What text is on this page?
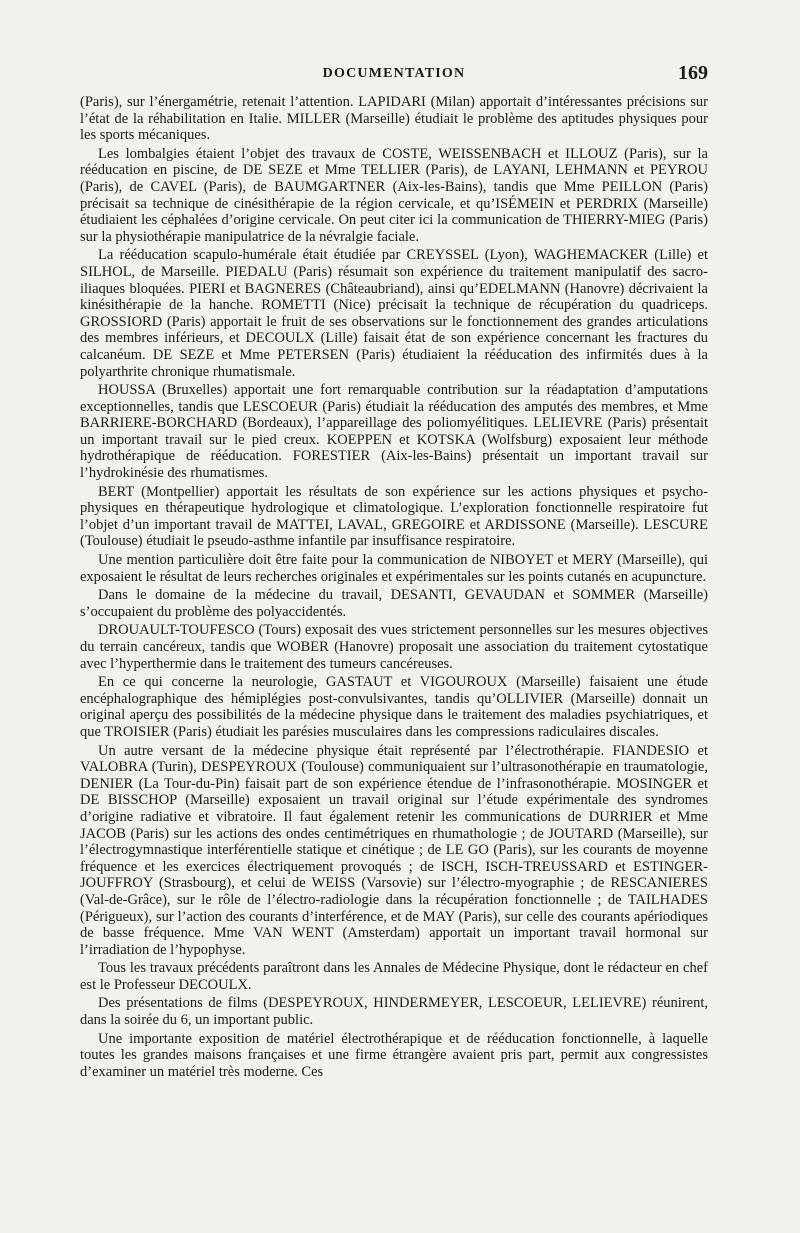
DOCUMENTATION	169

(Paris), sur l’énergamétrie, retenait l’attention. LAPIDARI (Milan) apportait d’intéressantes précisions sur l’état de la réhabilitation en Italie. MILLER (Marseille) étudiait le problème des aptitudes physiques pour les sports mécaniques.

Les lombalgies étaient l’objet des travaux de COSTE, WEISSENBACH et ILLOUZ (Paris), sur la rééducation en piscine, de DE SEZE et Mme TELLIER (Paris), de LAYANI, LEHMANN et PEYROU (Paris), de CAVEL (Paris), de BAUMGARTNER (Aix-les-Bains), tandis que Mme PEILLON (Paris) précisait sa technique de cinésithérapie de la région cervicale, et qu’ISÉMEIN et PERDRIX (Marseille) étudiaient les céphalées d’origine cervicale. On peut citer ici la communication de THIERRY-MIEG (Paris) sur la physiothérapie manipulatrice de la névralgie faciale.

La rééducation scapulo-humérale était étudiée par CREYSSEL (Lyon), WAGHEMACKER (Lille) et SILHOL, de Marseille. PIEDALU (Paris) résumait son expérience du traitement manipulatif des sacro-iliaques bloquées. PIERI et BAGNERES (Châteaubriand), ainsi qu’EDELMANN (Hanovre) décrivaient la kinésithérapie de la hanche. ROMETTI (Nice) précisait la technique de récupération du quadriceps. GROSSIORD (Paris) apportait le fruit de ses observations sur le fonctionnement des grandes articulations des membres inférieurs, et DECOULX (Lille) faisait état de son expérience concernant les fractures du calcanéum. DE SEZE et Mme PETERSEN (Paris) étudiaient la rééducation des infirmités dues à la polyarthrite chronique rhumatismale.

HOUSSA (Bruxelles) apportait une fort remarquable contribution sur la réadaptation d’amputations exceptionnelles, tandis que LESCOEUR (Paris) étudiait la rééducation des amputés des membres, et Mme BARRIERE-BORCHARD (Bordeaux), l’appareillage des poliomyélitiques. LELIEVRE (Paris) présentait un important travail sur le pied creux. KOEPPEN et KOTSKA (Wolfsburg) exposaient leur méthode hydrothérapique de rééducation. FORESTIER (Aix-les-Bains) présentait un important travail sur l’hydrokinésie des rhumatismes.

BERT (Montpellier) apportait les résultats de son expérience sur les actions physiques et psycho-physiques en thérapeutique hydrologique et climatologique. L’exploration fonctionnelle respiratoire fut l’objet d’un important travail de MATTEI, LAVAL, GREGOIRE et ARDISSONE (Marseille). LESCURE (Toulouse) étudiait le pseudo-asthme infantile par insuffisance respiratoire.

Une mention particulière doit être faite pour la communication de NIBOYET et MERY (Marseille), qui exposaient le résultat de leurs recherches originales et expérimentales sur les points cutanés en acupuncture.

Dans le domaine de la médecine du travail, DESANTI, GEVAUDAN et SOMMER (Marseille) s’occupaient du problème des polyaccidentés.

DROUAULT-TOUFESCO (Tours) exposait des vues strictement personnelles sur les mesures objectives du terrain cancéreux, tandis que WOBER (Hanovre) proposait une association du traitement cytostatique avec l’hyperthermie dans le traitement des tumeurs cancéreuses.

En ce qui concerne la neurologie, GASTAUT et VIGOUROUX (Marseille) faisaient une étude encéphalographique des hémiplégies post-convulsivantes, tandis qu’OLLIVIER (Marseille) donnait un original aperçu des possibilités de la médecine physique dans le traitement des maladies psychiatriques, et que TROISIER (Paris) étudiait les parésies musculaires dans les compressions radiculaires discales.

Un autre versant de la médecine physique était représenté par l’électrothérapie. FIANDESIO et VALOBRA (Turin), DESPEYROUX (Toulouse) communiquaient sur l’ultrasonothérapie en traumatologie, DENIER (La Tour-du-Pin) faisait part de son expérience étendue de l’infrasonothérapie. MOSINGER et DE BISSCHOP (Marseille) exposaient un travail original sur l’étude expérimentale des syndromes d’origine radiative et vibratoire. Il faut également retenir les communications de DURRIER et Mme JACOB (Paris) sur les actions des ondes centimétriques en rhumathologie ; de JOUTARD (Marseille), sur l’électrogymnastique interférentielle statique et cinétique ; de LE GO (Paris), sur les courants de moyenne fréquence et les exercices électriquement provoqués ; de ISCH, ISCH-TREUSSARD et ESTINGER-JOUFFROY (Strasbourg), et celui de WEISS (Varsovie) sur l’électro-myographie ; de RESCANIERES (Val-de-Grâce), sur le rôle de l’électro-radiologie dans la récupération fonctionnelle ; de TAILHADES (Périgueux), sur l’action des courants d’interférence, et de MAY (Paris), sur celle des courants apériodiques de basse fréquence. Mme VAN WENT (Amsterdam) apportait un important travail hormonal sur l’irradiation de l’hypophyse.

Tous les travaux précédents paraîtront dans les Annales de Médecine Physique, dont le rédacteur en chef est le Professeur DECOULX.

Des présentations de films (DESPEYROUX, HINDERMEYER, LESCOEUR, LELIEVRE) réunirent, dans la soirée du 6, un important public.

Une importante exposition de matériel électrothérapique et de rééducation fonctionnelle, à laquelle toutes les grandes maisons françaises et une firme étrangère avaient pris part, permit aux congressistes d’examiner un matériel très moderne. Ces
